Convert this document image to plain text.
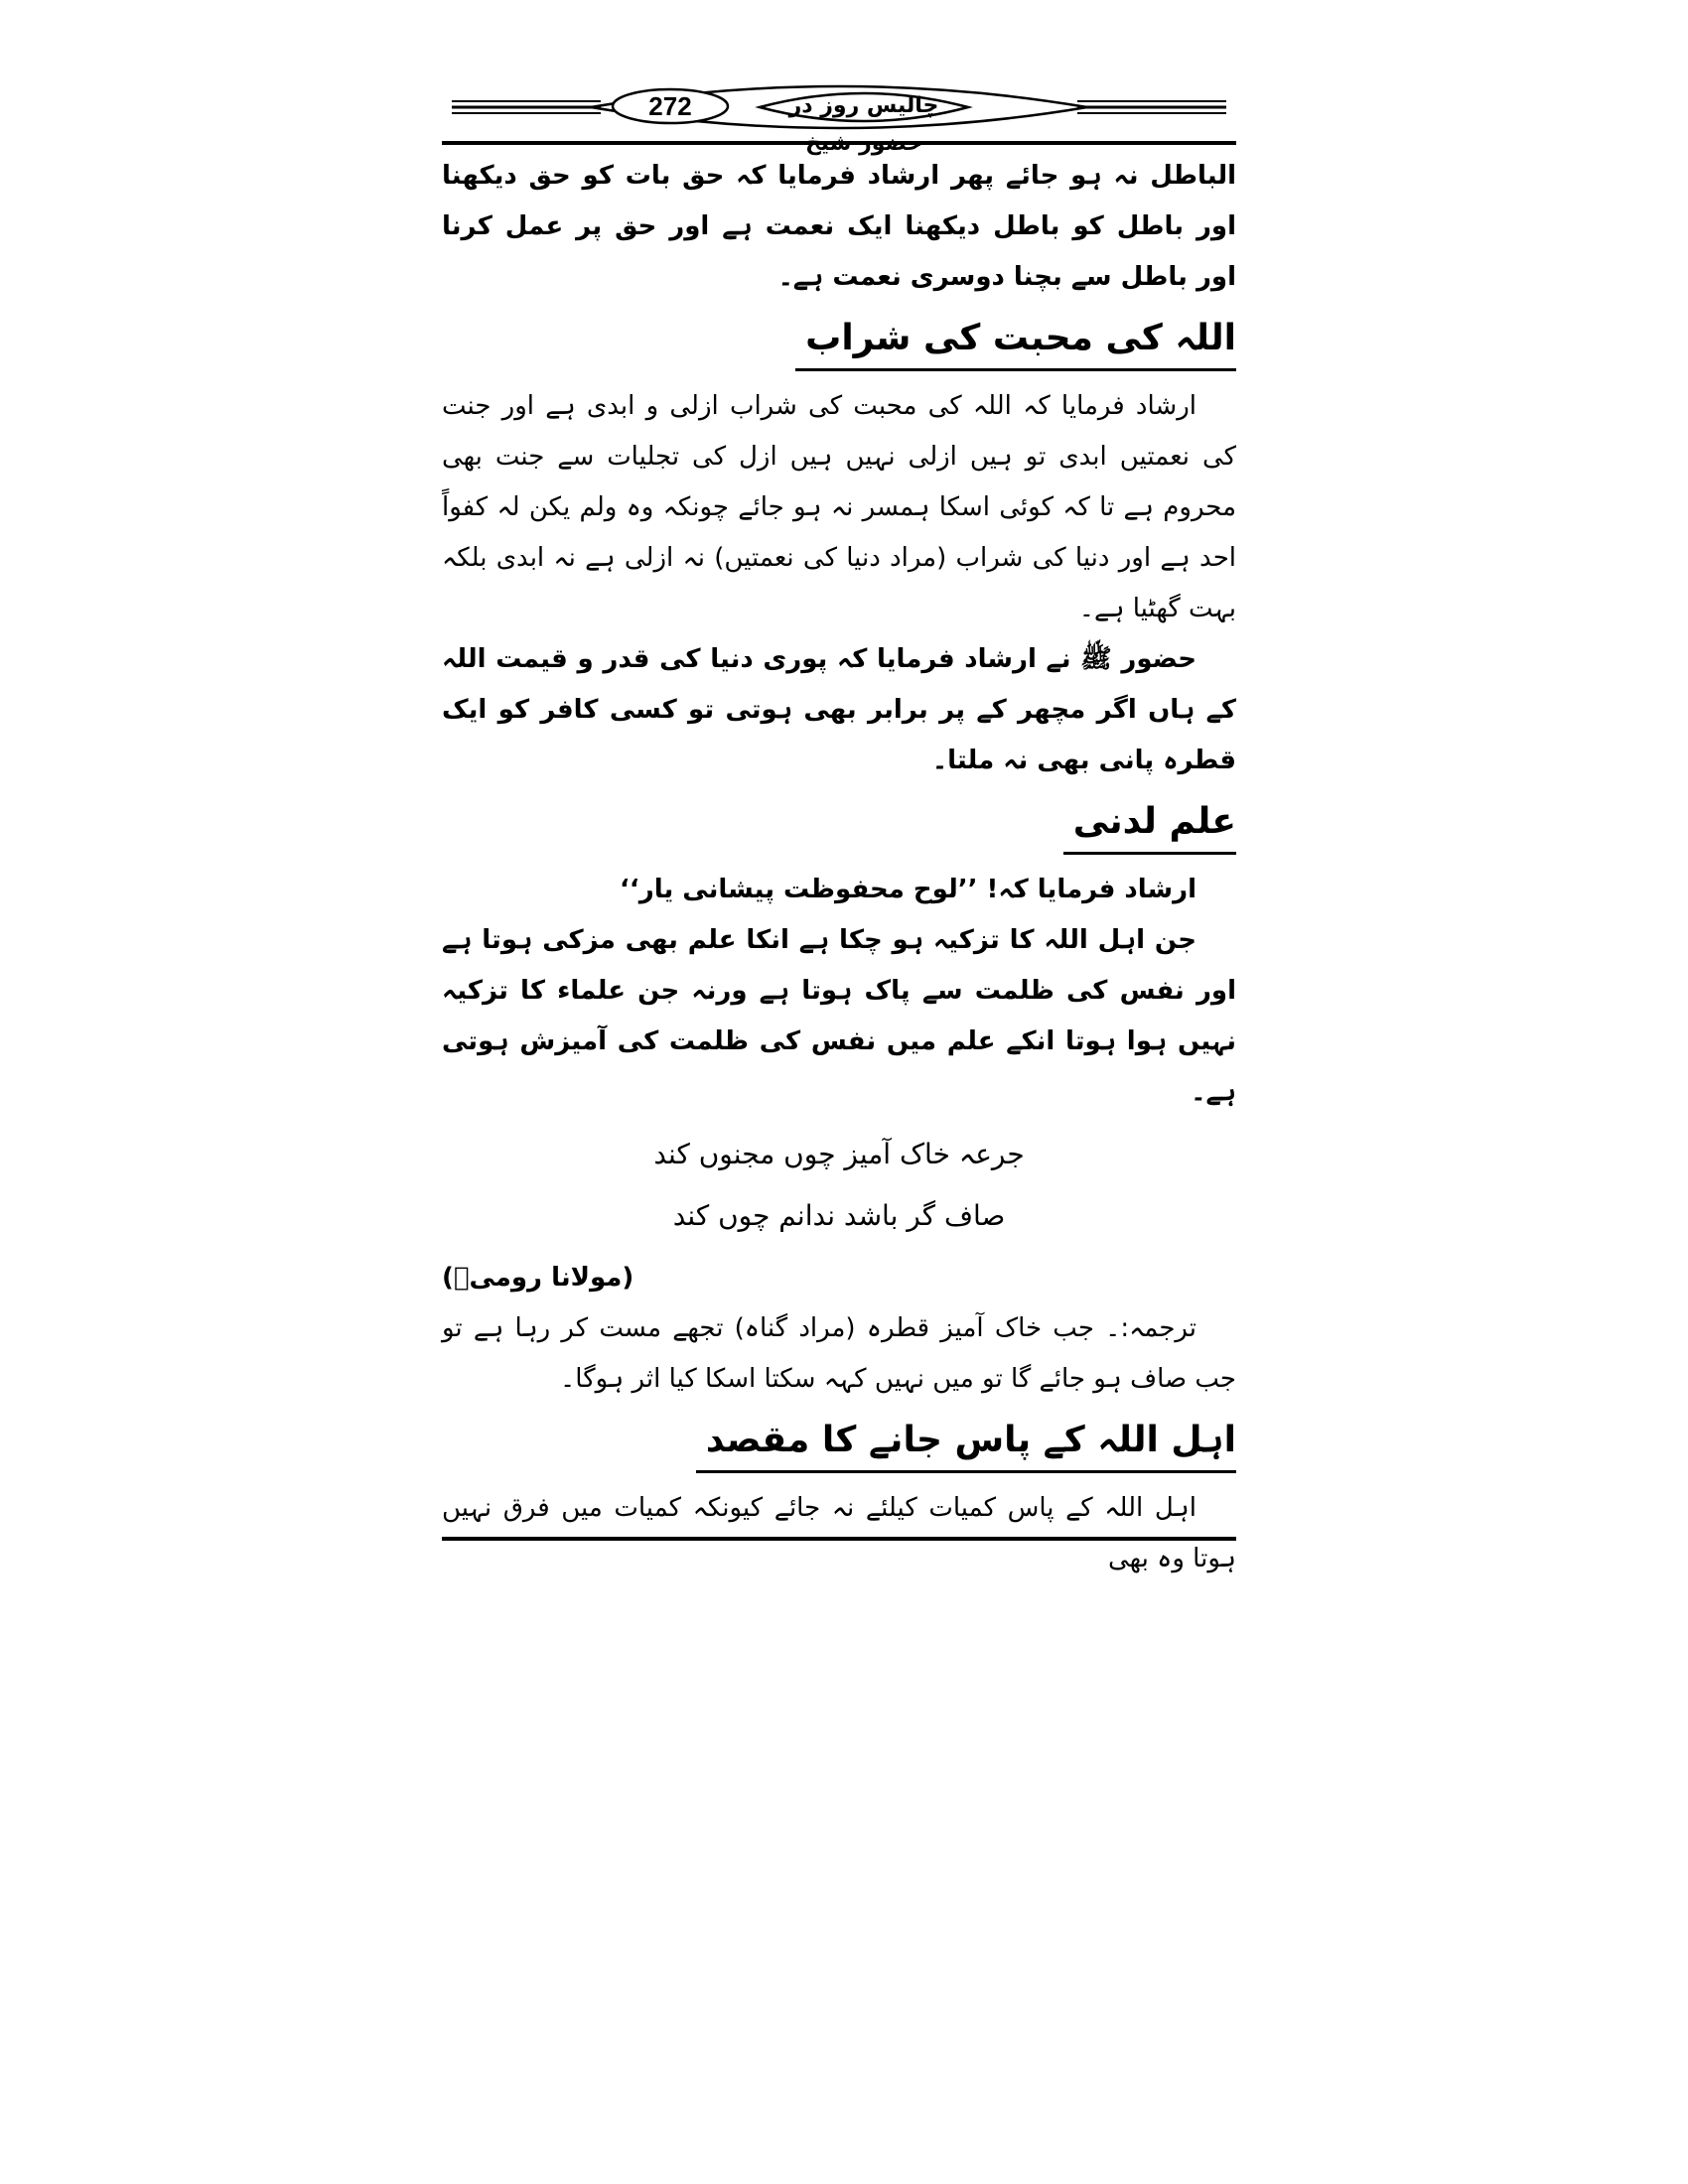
272	چالیس روز در حضور شیخ

الباطل نہ ہو جائے پھر ارشاد فرمایا کہ حق بات کو حق دیکھنا اور باطل کو باطل دیکھنا ایک نعمت ہے اور حق پر عمل کرنا اور باطل سے بچنا دوسری نعمت ہے۔

اللہ کی محبت کی شراب

ارشاد فرمایا کہ اللہ کی محبت کی شراب ازلی و ابدی ہے اور جنت کی نعمتیں ابدی تو ہیں ازلی نہیں ہیں ازل کی تجلیات سے جنت بھی محروم ہے تا کہ کوئی اسکا ہمسر نہ ہو جائے چونکہ وہ ولم یکن لہ کفواً احد ہے اور دنیا کی شراب (مراد دنیا کی نعمتیں) نہ ازلی ہے نہ ابدی بلکہ بہت گھٹیا ہے۔

حضور ﷺ نے ارشاد فرمایا کہ پوری دنیا کی قدر و قیمت اللہ کے ہاں اگر مچھر کے پر برابر بھی ہوتی تو کسی کافر کو ایک قطرہ پانی بھی نہ ملتا۔

علم لدنی

ارشاد فرمایا کہ! ’’لوح محفوظت پیشانی یار‘‘

جن اہل اللہ کا تزکیہ ہو چکا ہے انکا علم بھی مزکی ہوتا ہے اور نفس کی ظلمت سے پاک ہوتا ہے ورنہ جن علماء کا تزکیہ نہیں ہوا ہوتا انکے علم میں نفس کی ظلمت کی آمیزش ہوتی ہے۔

جرعہ خاک آمیز چوں مجنوں کند
صاف گر باشد ندانم چوں کند

(مولانا رومیؒ)

ترجمہ:۔ جب خاک آمیز قطرہ (مراد گناہ) تجھے مست کر رہا ہے تو جب صاف ہو جائے گا تو میں نہیں کہہ سکتا اسکا کیا اثر ہوگا۔

اہل اللہ کے پاس جانے کا مقصد

اہل اللہ کے پاس کمیات کیلئے نہ جائے کیونکہ کمیات میں فرق نہیں ہوتا وہ بھی
